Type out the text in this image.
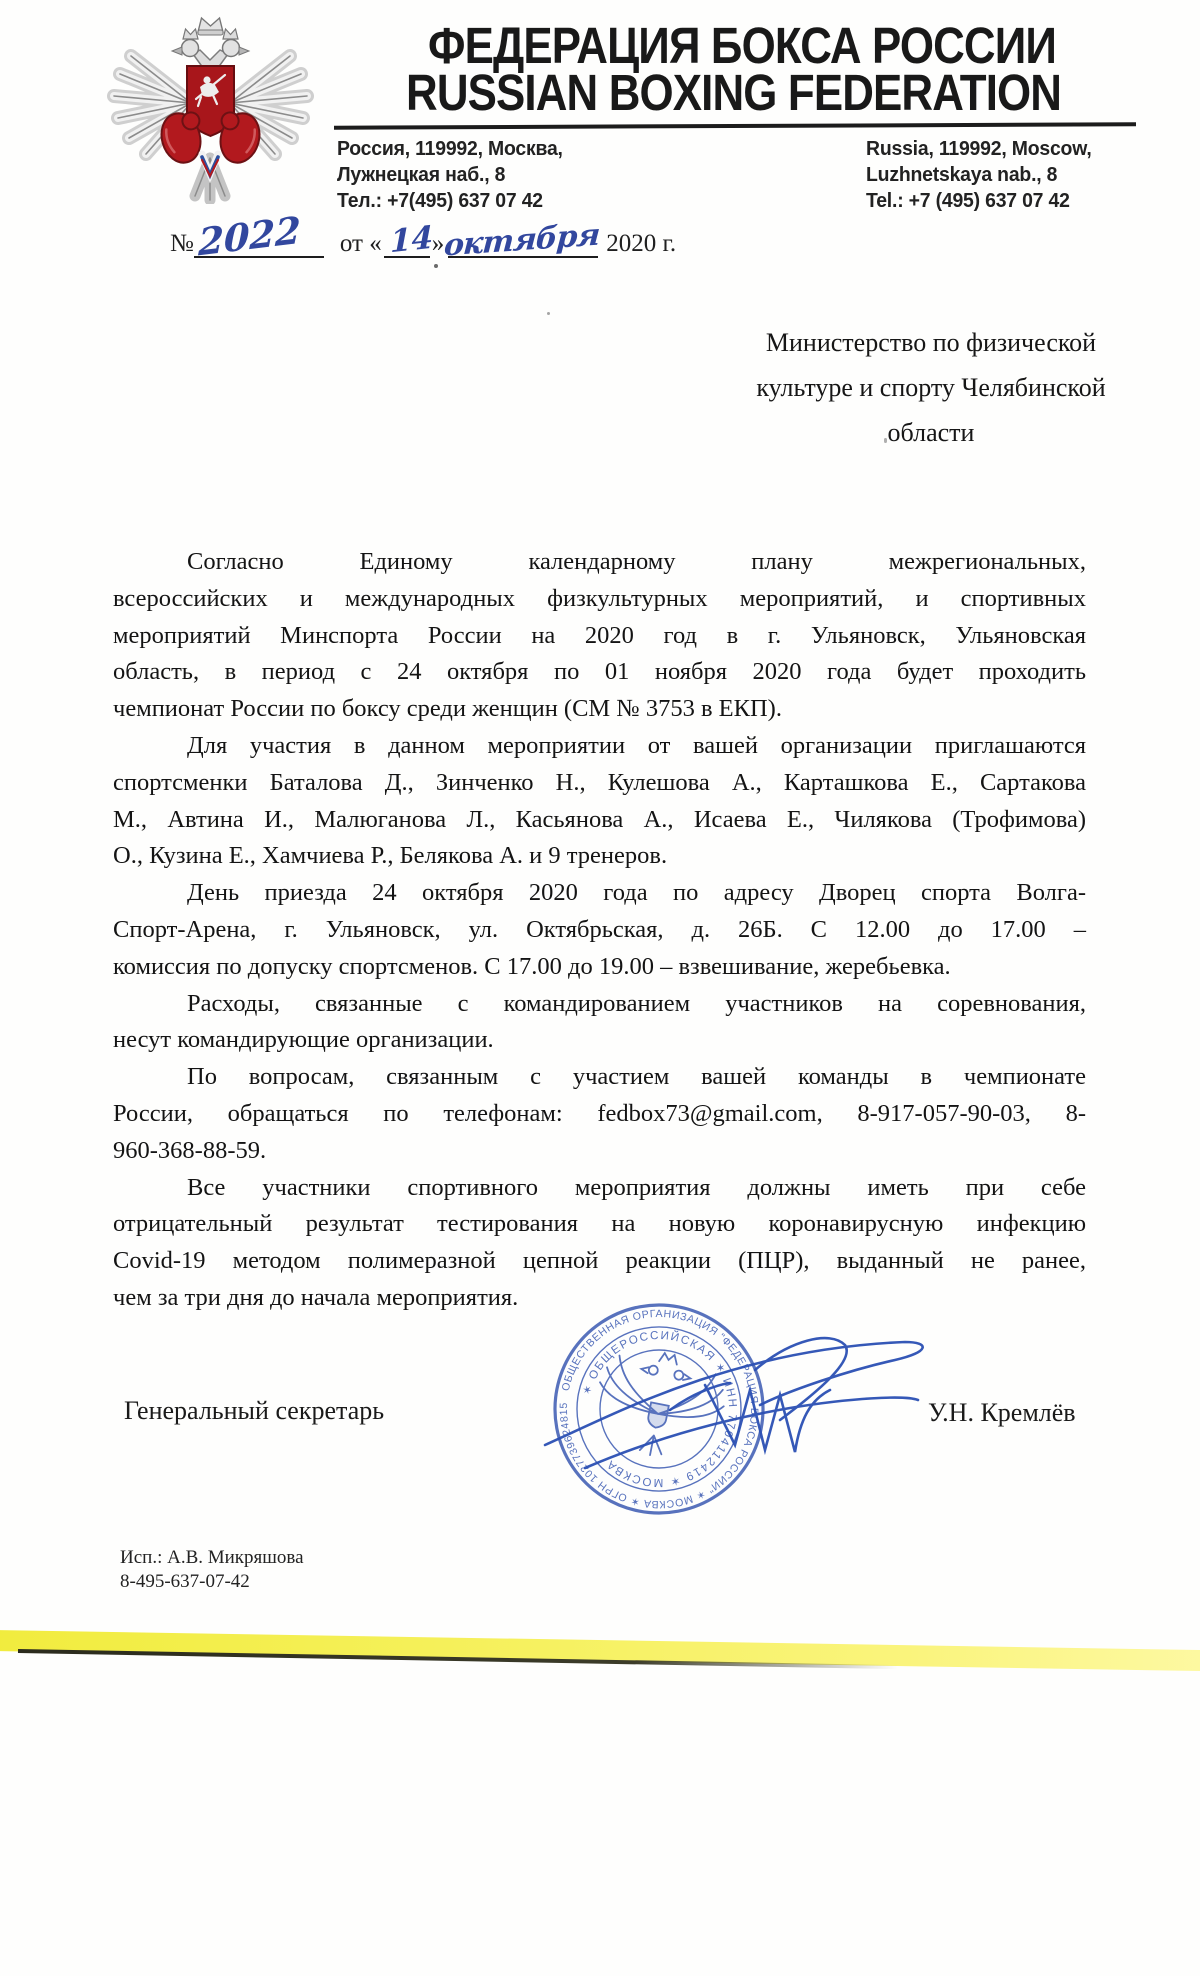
ФЕДЕРАЦИЯ БОКСА РОССИИ
RUSSIAN BOXING FEDERATION
Россия, 119992, Москва,
Лужнецкая наб., 8
Тел.: +7(495) 637 07 42
Russia, 119992, Moscow,
Luzhnetskaya nab., 8
Tel.: +7 (495) 637 07 42
№ 2022 от « 14
»
октября 2020 г.
Министерство по физической
культуре и спорту Челябинской
области
Согласно Единому календарному плану межрегиональных,
всероссийских и международных физкультурных мероприятий, и спортивных
мероприятий Минспорта России на 2020 год в г. Ульяновск, Ульяновская
область, в период с 24 октября по 01 ноября 2020 года будет проходить
чемпионат России по боксу среди женщин (СМ № 3753 в ЕКП).
Для участия в данном мероприятии от вашей организации приглашаются
спортсменки Баталова Д., Зинченко Н., Кулешова А., Карташкова Е., Сартакова
М., Автина И., Малюганова Л., Касьянова А., Исаева Е., Чилякова (Трофимова)
О., Кузина Е., Хамчиева Р., Белякова А. и 9 тренеров.
День приезда 24 октября 2020 года по адресу Дворец спорта Волга-
Спорт-Арена, г. Ульяновск, ул. Октябрьская, д. 26Б. С 12.00 до 17.00 –
комиссия по допуску спортсменов. С 17.00 до 19.00 – взвешивание, жеребьевка.
Расходы, связанные с командированием участников на соревнования,
несут командирующие организации.
По вопросам, связанным с участием вашей команды в чемпионате
России, обращаться по телефонам: fedbox73@gmail.com, 8-917-057-90-03, 8-
960-368-88-59.
Все участники спортивного мероприятия должны иметь при себе
отрицательный результат тестирования на новую коронавирусную инфекцию
Covid-19 методом полимеразной цепной реакции (ПЦР), выданный не ранее,
чем за три дня до начала мероприятия.
Генеральный секретарь	У.Н. Кремлёв
ОБЩЕСТВЕННАЯ ОРГАНИЗАЦИЯ "ФЕДЕРАЦИЯ БОКСА РОССИИ" ✶ МОСКВА ✶ ОГРН 1027739624815
✶ ОБЩЕРОССИЙСКАЯ ✶ ИНН 7704112419 ✶ МОСКВА
Исп.: А.В. Микряшова
8-495-637-07-42
